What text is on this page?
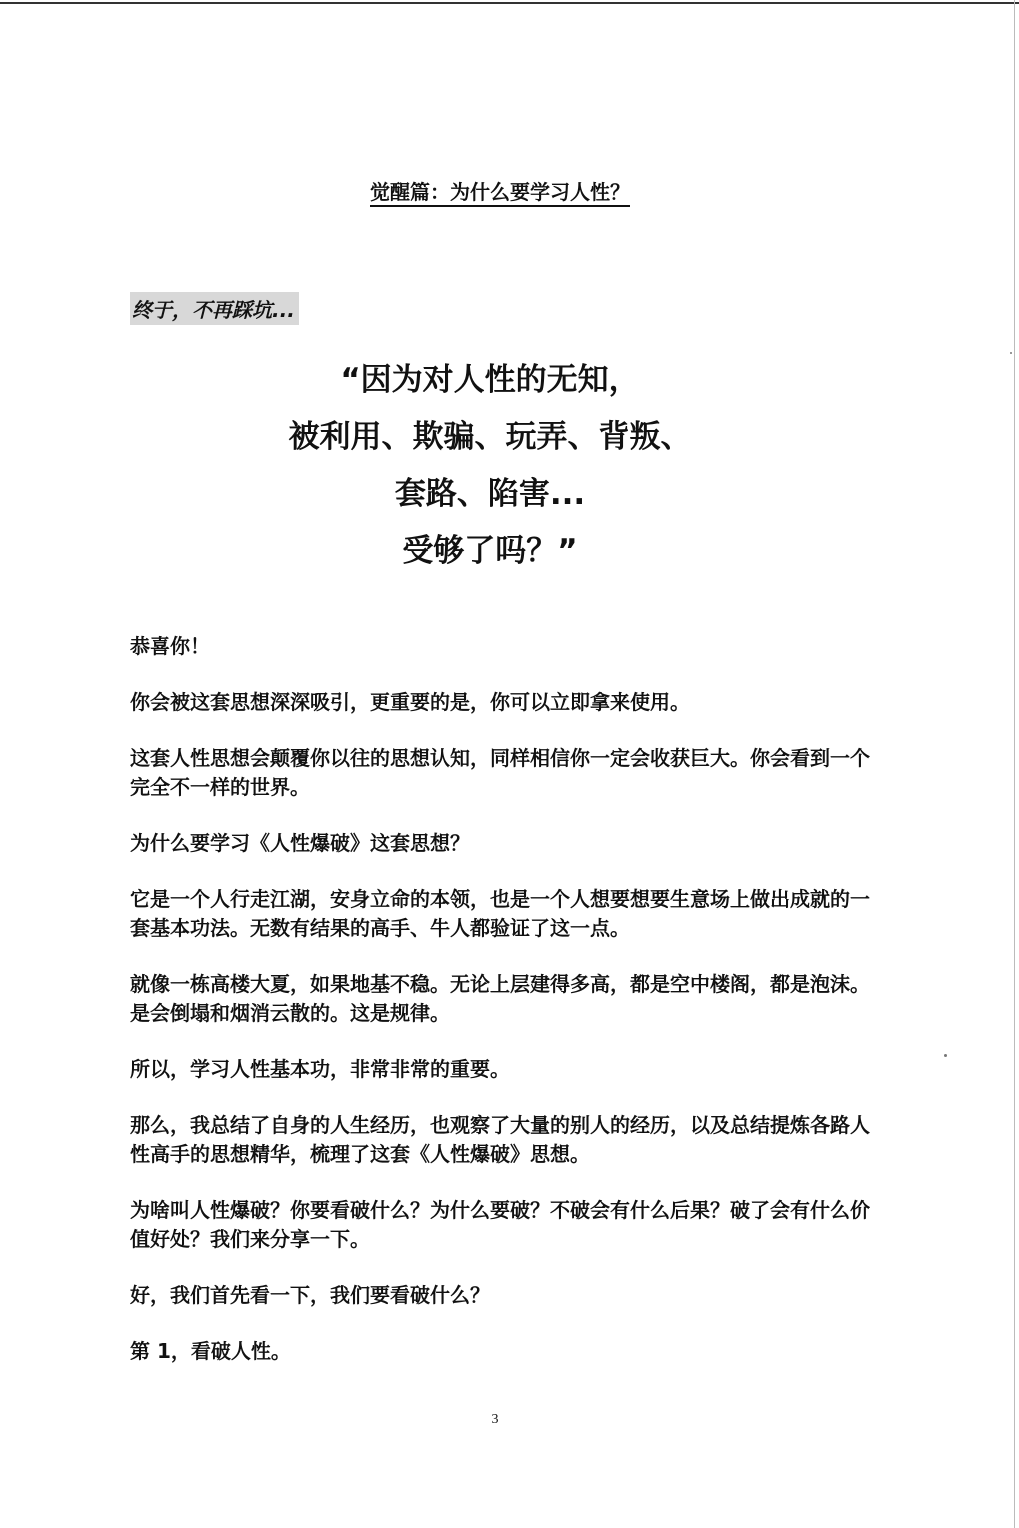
觉醒篇：为什么要学习人性？
终于，不再踩坑...
“因为对人性的无知，
被利用、欺骗、玩弄、背叛、
套路、陷害...
受够了吗？”

恭喜你！

你会被这套思想深深吸引，更重要的是，你可以立即拿来使用。

这套人性思想会颠覆你以往的思想认知，同样相信你一定会收获巨大。你会看到一个完全不一样的世界。

为什么要学习《人性爆破》这套思想？

它是一个人行走江湖，安身立命的本领，也是一个人想要想要生意场上做出成就的一套基本功法。无数有结果的高手、牛人都验证了这一点。

就像一栋高楼大夏，如果地基不稳。无论上层建得多高，都是空中楼阁，都是泡沫。是会倒塌和烟消云散的。这是规律。

所以，学习人性基本功，非常非常的重要。

那么，我总结了自身的人生经历，也观察了大量的别人的经历，以及总结提炼各路人性高手的思想精华，梳理了这套《人性爆破》思想。

为啥叫人性爆破？你要看破什么？为什么要破？不破会有什么后果？破了会有什么价值好处？我们来分享一下。

好，我们首先看一下，我们要看破什么？

第 1，看破人性。

3
